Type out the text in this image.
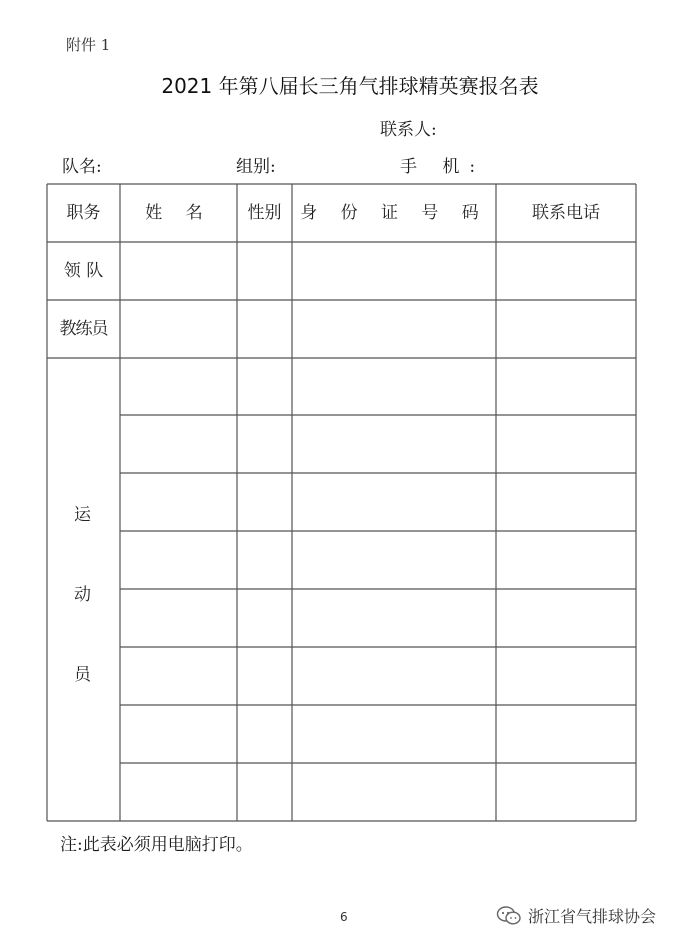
附件 1
2021 年第八届长三角气排球精英赛报名表
联系人:
队名:	组别:	手 机:
职务	姓 名	性别	身 份 证 号 码	联系电话
领 队
教练员
运
动
员
注:此表必须用电脑打印。
6	浙江省气排球协会
